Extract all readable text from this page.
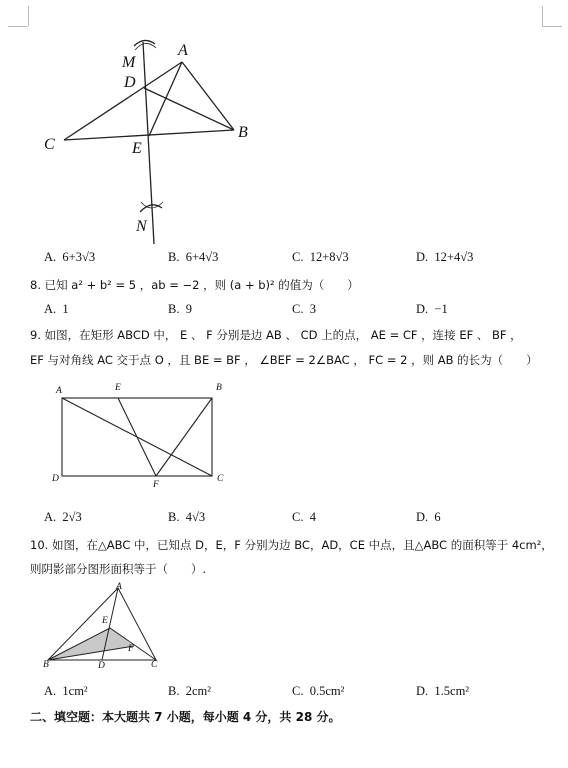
M
A
D
B
C	E
N
A. 6+3√3	B. 6+4√3	C. 12+8√3	D. 12+4√3
8. 已知 a² + b² = 5 ，ab = −2 ，则 (a + b)² 的值为（　　）
A. 1	B. 9	C. 3	D. −1
9. 如图，在矩形 ABCD 中， E 、 F 分别是边 AB 、 CD 上的点， AE = CF ，连接 EF 、 BF ，
EF 与对角线 AC 交于点 O ，且 BE = BF ， ∠BEF = 2∠BAC ， FC = 2 ，则 AB 的长为（　　）
A	E	B
D
F
C
A. 2√3	B. 4√3	C. 4	D. 6
10. 如图，在△ABC 中，已知点 D，E，F 分别为边 BC，AD，CE 中点，且△ABC 的面积等于 4cm²，
则阴影部分图形面积等于（　　）.
A
E
F
B	D	C
A. 1cm²	B. 2cm²	C. 0.5cm²	D. 1.5cm²
二、填空题：本大题共 7 小题，每小题 4 分，共 28 分。
